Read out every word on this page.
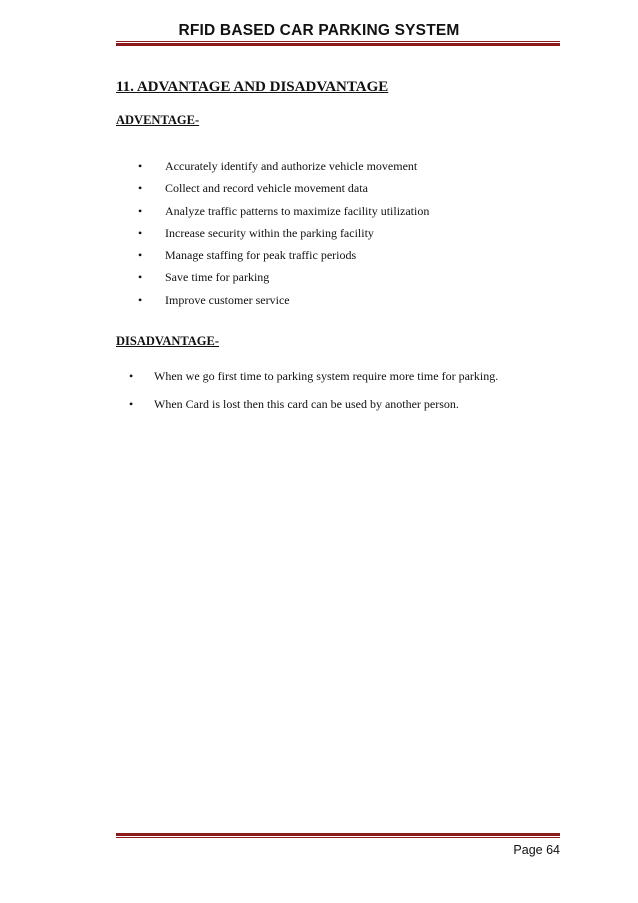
RFID BASED CAR PARKING SYSTEM
11. ADVANTAGE AND DISADVANTAGE
ADVENTAGE-
• Accurately identify and authorize vehicle movement
• Collect and record vehicle movement data
• Analyze traffic patterns to maximize facility utilization
• Increase security within the parking facility
• Manage staffing for peak traffic periods
• Save time for parking
• Improve customer service
DISADVANTAGE-
• When we go first time to parking system require more time for parking.
• When Card is lost then this card can be used by another person.
Page 64
